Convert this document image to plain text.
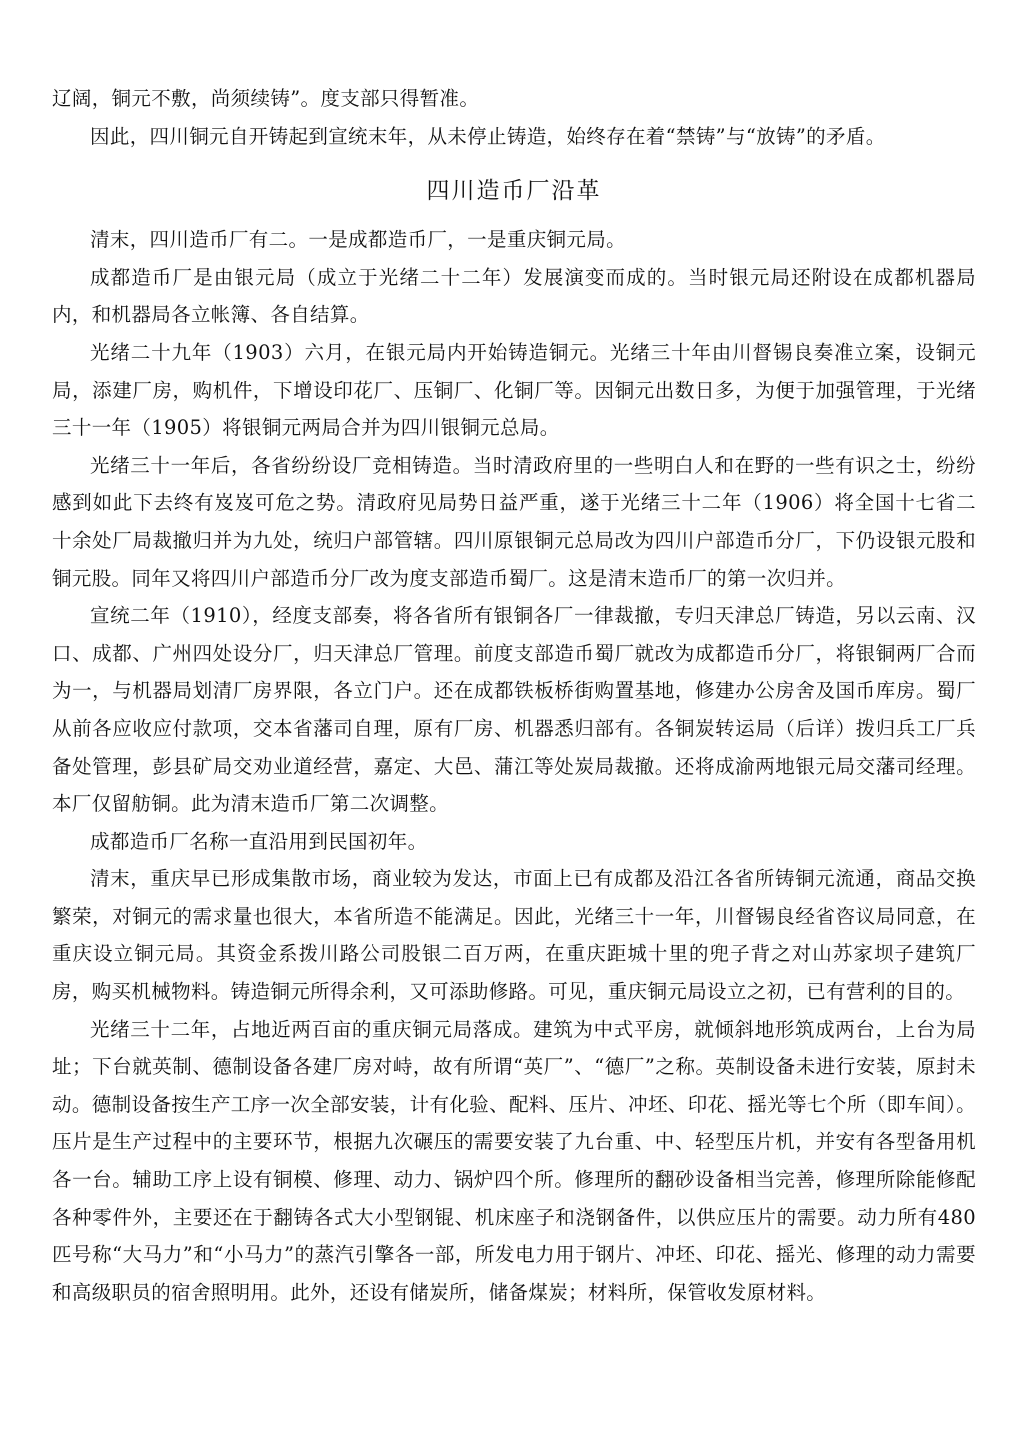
辽阔，铜元不敷，尚须续铸”。度支部只得暂准。

因此，四川铜元自开铸起到宣统末年，从未停止铸造，始终存在着“禁铸”与“放铸”的矛盾。

四川造币厂沿革

清末，四川造币厂有二。一是成都造币厂，一是重庆铜元局。

成都造币厂是由银元局（成立于光绪二十二年）发展演变而成的。当时银元局还附设在成都机器局内，和机器局各立帐簿、各自结算。

光绪二十九年（1903）六月，在银元局内开始铸造铜元。光绪三十年由川督锡良奏准立案，设铜元局，添建厂房，购机件，下增设印花厂、压铜厂、化铜厂等。因铜元出数日多，为便于加强管理，于光绪三十一年（1905）将银铜元两局合并为四川银铜元总局。

光绪三十一年后，各省纷纷设厂竞相铸造。当时清政府里的一些明白人和在野的一些有识之士，纷纷感到如此下去终有岌岌可危之势。清政府见局势日益严重，遂于光绪三十二年（1906）将全国十七省二十余处厂局裁撤归并为九处，统归户部管辖。四川原银铜元总局改为四川户部造币分厂，下仍设银元股和铜元股。同年又将四川户部造币分厂改为度支部造币蜀厂。这是清末造币厂的第一次归并。

宣统二年（1910），经度支部奏，将各省所有银铜各厂一律裁撤，专归天津总厂铸造，另以云南、汉口、成都、广州四处设分厂，归天津总厂管理。前度支部造币蜀厂就改为成都造币分厂，将银铜两厂合而为一，与机器局划清厂房界限，各立门户。还在成都铁板桥街购置基地，修建办公房舍及国币库房。蜀厂从前各应收应付款项，交本省藩司自理，原有厂房、机器悉归部有。各铜炭转运局（后详）拨归兵工厂兵备处管理，彭县矿局交劝业道经营，嘉定、大邑、蒲江等处炭局裁撤。还将成渝两地银元局交藩司经理。本厂仅留舫铜。此为清末造币厂第二次调整。

成都造币厂名称一直沿用到民国初年。

清末，重庆早已形成集散市场，商业较为发达，市面上已有成都及沿江各省所铸铜元流通，商品交换繁荣，对铜元的需求量也很大，本省所造不能满足。因此，光绪三十一年，川督锡良经省咨议局同意，在重庆设立铜元局。其资金系拨川路公司股银二百万两，在重庆距城十里的兜子背之对山苏家坝子建筑厂房，购买机械物料。铸造铜元所得余利，又可添助修路。可见，重庆铜元局设立之初，已有营利的目的。

光绪三十二年，占地近两百亩的重庆铜元局落成。建筑为中式平房，就倾斜地形筑成两台，上台为局址；下台就英制、德制设备各建厂房对峙，故有所谓“英厂”、“德厂”之称。英制设备未进行安装，原封未动。德制设备按生产工序一次全部安装，计有化验、配料、压片、冲坯、印花、摇光等七个所（即车间）。压片是生产过程中的主要环节，根据九次碾压的需要安装了九台重、中、轻型压片机，并安有各型备用机各一台。辅助工序上设有铜模、修理、动力、锅炉四个所。修理所的翻砂设备相当完善，修理所除能修配各种零件外，主要还在于翻铸各式大小型钢锟、机床座子和浇钢备件，以供应压片的需要。动力所有480匹号称“大马力”和“小马力”的蒸汽引擎各一部，所发电力用于钢片、冲坯、印花、摇光、修理的动力需要和高级职员的宿舍照明用。此外，还设有储炭所，储备煤炭；材料所，保管收发原材料。
